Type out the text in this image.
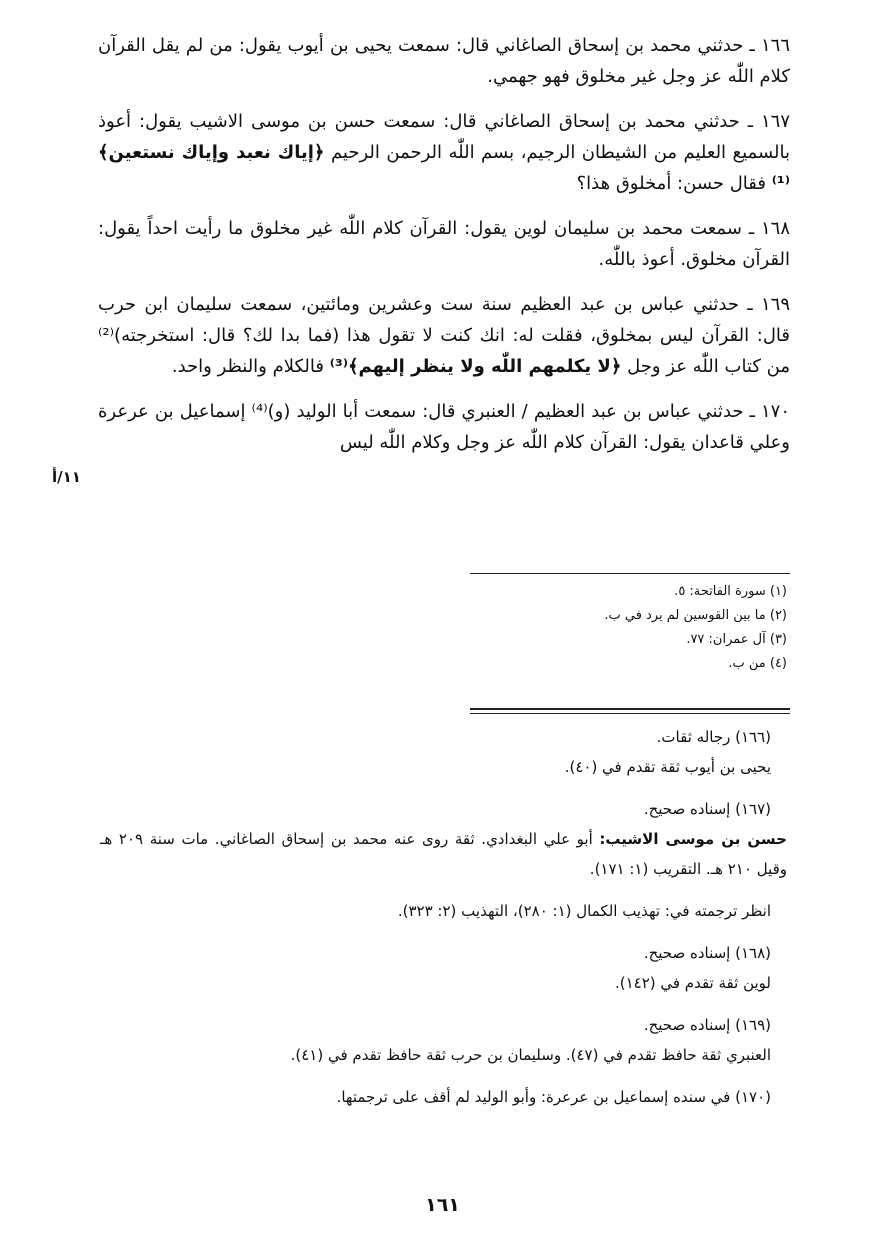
١٦٦ ـ حدثني محمد بن إسحاق الصاغاني قال: سمعت يحيى بن أيوب يقول: من لم يقل القرآن كلام اللّٰه عز وجل غير مخلوق فهو جهمي.

١٦٧ ـ حدثني محمد بن إسحاق الصاغاني قال: سمعت حسن بن موسى الاشيب يقول: أعوذ بالسميع العليم من الشيطان الرجيم، بسم اللّٰه الرحمن الرحيم ﴿إياك نعبد وإياك نستعين﴾⁽¹⁾ فقال حسن: أمخلوق هذا؟

١٦٨ ـ سمعت محمد بن سليمان لوين يقول: القرآن كلام اللّٰه غير مخلوق ما رأيت احداً يقول: القرآن مخلوق. أعوذ باللّٰه.

١٦٩ ـ حدثني عباس بن عبد العظيم سنة ست وعشرين ومائتين، سمعت سليمان ابن حرب قال: القرآن ليس بمخلوق، فقلت له: انك كنت لا تقول هذا (فما بدا لك؟ قال: استخرجته)⁽²⁾ من كتاب اللّٰه عز وجل ﴿لا يكلمهم اللّٰه ولا ينظر إليهم﴾⁽³⁾ فالكلام والنظر واحد.

١٧٠ ـ حدثني عباس بن عبد العظيم / العنبري قال: سمعت أبا الوليد (و)⁽⁴⁾ إسماعيل بن عرعرة وعلي قاعدان يقول: القرآن كلام اللّٰه عز وجل وكلام اللّٰه ليس

١١/أ
(١) سورة الفاتحة: ٥.
(٢) ما بين القوسين لم يرد في ب.
(٣) آل عمران: ٧٧.
(٤) من ب.
(١٦٦) رجاله ثقات.
يحيى بن أيوب ثقة تقدم في (٤٠).
(١٦٧) إسناده صحيح.
حسن بن موسى الاشيب: أبو علي البغدادي. ثقة روى عنه محمد بن إسحاق الصاغاني. مات سنة ٢٠٩ هـ وقيل ٢١٠ هـ. التقريب (١: ١٧١).
انظر ترجمته في: تهذيب الكمال (١: ٢٨٠)، التهذيب (٢: ٣٢٣).
(١٦٨) إسناده صحيح.
لوين ثقة تقدم في (١٤٢).
(١٦٩) إسناده صحيح.
العنبري ثقة حافظ تقدم في (٤٧). وسليمان بن حرب ثقة حافظ تقدم في (٤١).
(١٧٠) في سنده إسماعيل بن عرعرة: وأبو الوليد لم أقف على ترجمتها.
١٦١
